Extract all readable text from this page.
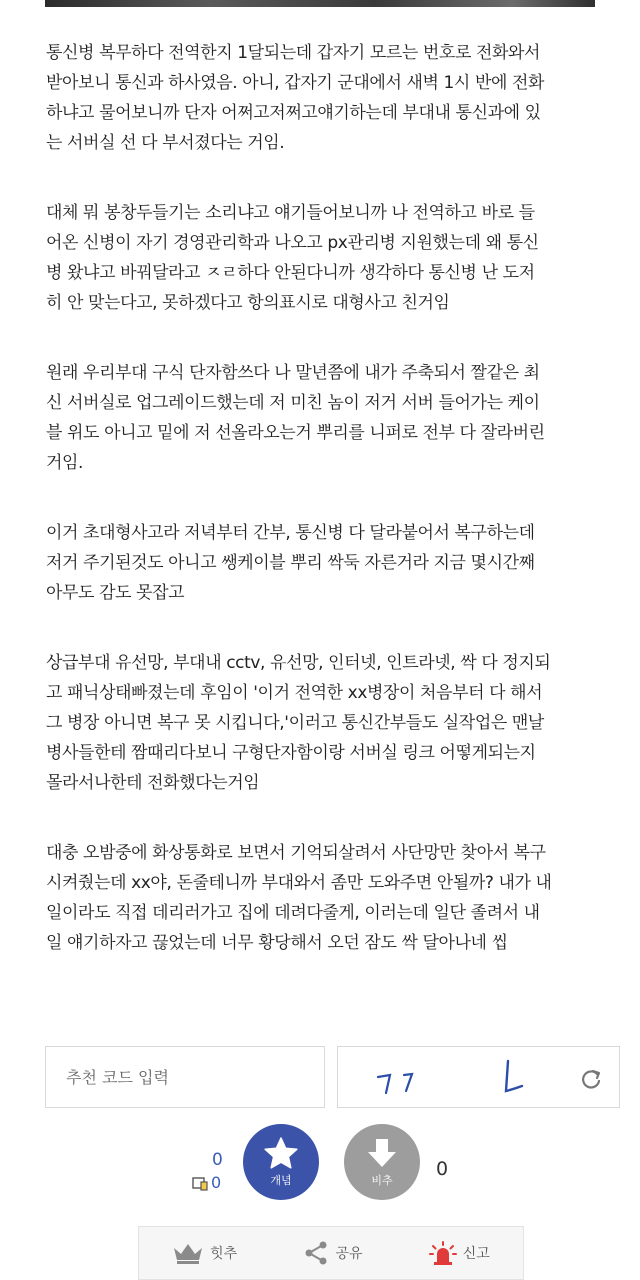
통신병 복무하다 전역한지 1달되는데 갑자기 모르는 번호로 전화와서
받아보니 통신과 하사였음. 아니, 갑자기 군대에서 새벽 1시 반에 전화
하냐고 물어보니까 단자 어쩌고저쩌고얘기하는데 부대내 통신과에 있
는 서버실 선 다 부서졌다는 거임.

대체 뭐 봉창두들기는 소리냐고 얘기들어보니까 나 전역하고 바로 들
어온 신병이 자기 경영관리학과 나오고 px관리병 지원했는데 왜 통신
병 왔냐고 바꿔달라고 ㅈㄹ하다 안된다니까 생각하다 통신병 난 도저
히 안 맞는다고, 못하겠다고 항의표시로 대형사고 친거임

원래 우리부대 구식 단자함쓰다 나 말년쯤에 내가 주축되서 짤같은 최
신 서버실로 업그레이드했는데 저 미친 놈이 저거 서버 들어가는 케이
블 위도 아니고 밑에 저 선올라오는거 뿌리를 니퍼로 전부 다 잘라버린
거임.

이거 초대형사고라 저녁부터 간부, 통신병 다 달라붙어서 복구하는데
저거 주기된것도 아니고 쌩케이블 뿌리 싹둑 자른거라 지금 몇시간째
아무도 감도 못잡고

상급부대 유선망, 부대내 cctv, 유선망, 인터넷, 인트라넷, 싹 다 정지되
고 패닉상태빠졌는데 후임이 '이거 전역한 xx병장이 처음부터 다 해서
그 병장 아니면 복구 못 시킵니다,'이러고 통신간부들도 실작업은 맨날
병사들한테 짬때리다보니 구형단자함이랑 서버실 링크 어떻게되는지
몰라서나한테 전화했다는거임

대충 오밤중에 화상통화로 보면서 기억되살려서 사단망만 찾아서 복구
시켜줬는데 xx야, 돈줄테니까 부대와서 좀만 도와주면 안될까? 내가 내
일이라도 직접 데리러가고 집에 데려다줄게, 이러는데 일단 졸려서 내
일 얘기하자고 끊었는데 너무 황당해서 오던 잠도 싹 달아나네 씹

추천 코드 입력
0
0	개념	비추
0
힛추	공유	신고
